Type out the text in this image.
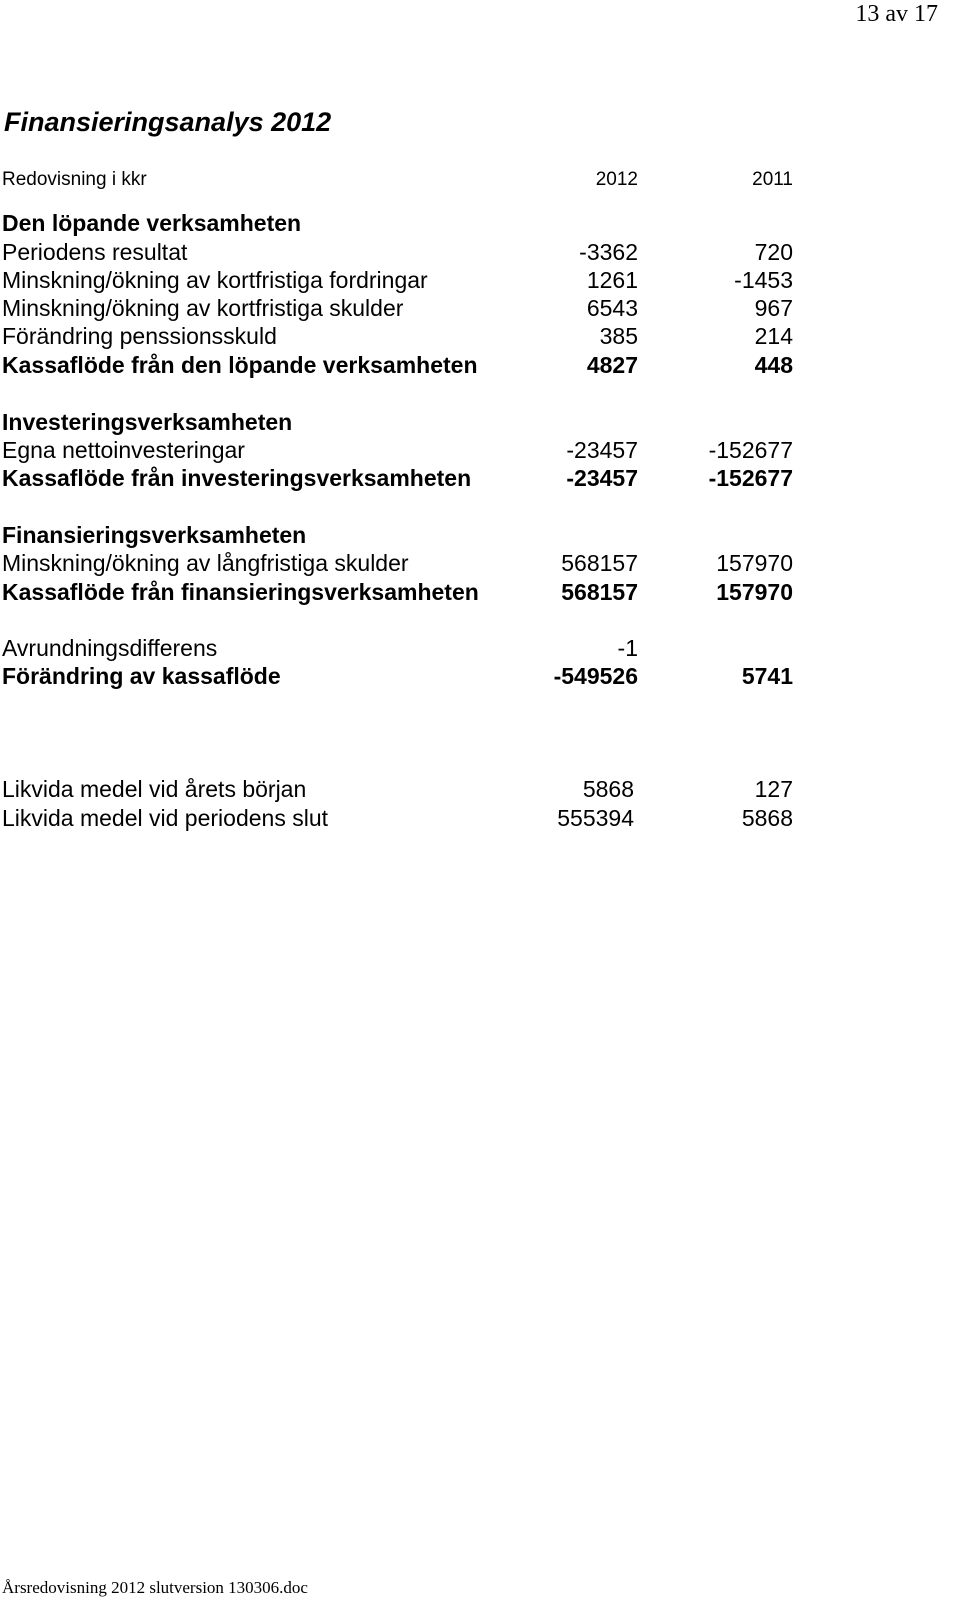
13 av 17
Finansieringsanalys 2012
Redovisning i kkr	2012	2011
Den löpande verksamheten
Periodens resultat	-3362	720
Minskning/ökning av kortfristiga fordringar	1261	-1453
Minskning/ökning av kortfristiga skulder	6543	967
Förändring penssionsskuld	385	214
Kassaflöde från den löpande verksamheten	4827	448
Investeringsverksamheten
Egna nettoinvesteringar	-23457	-152677
Kassaflöde från investeringsverksamheten	-23457	-152677
Finansieringsverksamheten
Minskning/ökning av långfristiga skulder	568157	157970
Kassaflöde från finansieringsverksamheten	568157	157970
Avrundningsdifferens	-1
Förändring av kassaflöde	-549526	5741
Likvida medel vid årets början	5868	127
Likvida medel vid periodens slut	555394	5868
Årsredovisning 2012 slutversion 130306.doc
